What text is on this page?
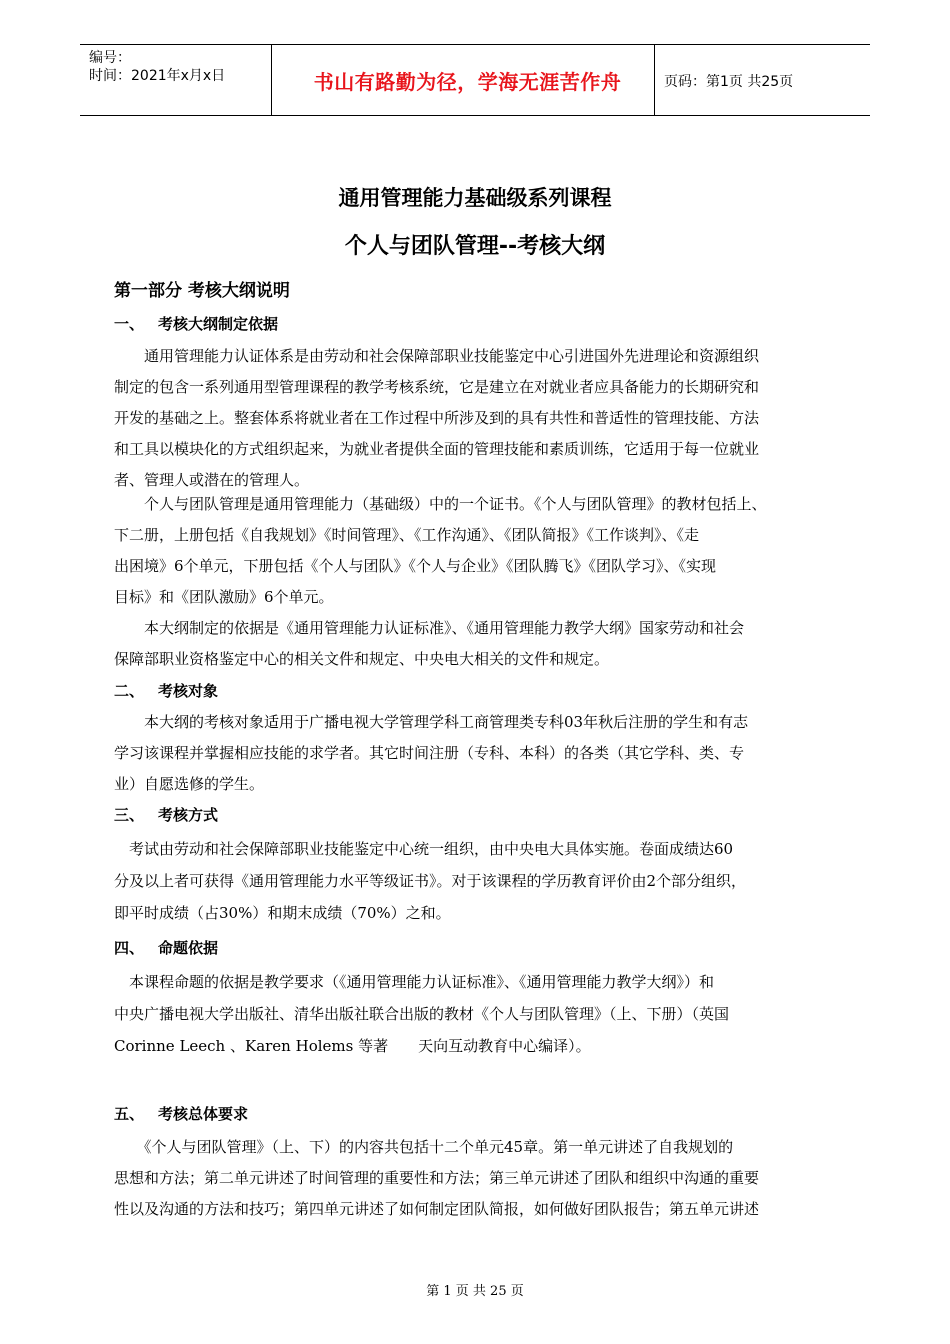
编号：
时间：2021年x月x日	书山有路勤为径，学海无涯苦作舟	页码：第1页 共25页
通用管理能力基础级系列课程
个人与团队管理--考核大纲
第一部分 考核大纲说明
一、 考核大纲制定依据
　　通用管理能力认证体系是由劳动和社会保障部职业技能鉴定中心引进国外先进理论和资源组织
制定的包含一系列通用型管理课程的教学考核系统，它是建立在对就业者应具备能力的长期研究和
开发的基础之上。整套体系将就业者在工作过程中所涉及到的具有共性和普适性的管理技能、方法
和工具以模块化的方式组织起来，为就业者提供全面的管理技能和素质训练，它适用于每一位就业
者、管理人或潜在的管理人。
　　个人与团队管理是通用管理能力（基础级）中的一个证书。《个人与团队管理》的教材包括上、
下二册，上册包括《自我规划》《时间管理》、《工作沟通》、《团队简报》《工作谈判》、《走
出困境》6个单元，下册包括《个人与团队》《个人与企业》《团队腾飞》《团队学习》、《实现
目标》和《团队激励》6个单元。
　　本大纲制定的依据是《通用管理能力认证标准》、《通用管理能力教学大纲》国家劳动和社会
保障部职业资格鉴定中心的相关文件和规定、中央电大相关的文件和规定。
二、 考核对象
　　本大纲的考核对象适用于广播电视大学管理学科工商管理类专科03年秋后注册的学生和有志
学习该课程并掌握相应技能的求学者。其它时间注册（专科、本科）的各类（其它学科、类、专
业）自愿选修的学生。
三、 考核方式
　考试由劳动和社会保障部职业技能鉴定中心统一组织，由中央电大具体实施。卷面成绩达60
分及以上者可获得《通用管理能力水平等级证书》。对于该课程的学历教育评价由2个部分组织，
即平时成绩（占30%）和期末成绩（70%）之和。
四、 命题依据
　本课程命题的依据是教学要求（《通用管理能力认证标准》、《通用管理能力教学大纲》）和
中央广播电视大学出版社、清华出版社联合出版的教材《个人与团队管理》（上、下册）（英国
Corinne Leech 、Karen Holems 等著　　天向互动教育中心编译）。
五、 考核总体要求
　　《个人与团队管理》（上、下）的内容共包括十二个单元45章。第一单元讲述了自我规划的
思想和方法；第二单元讲述了时间管理的重要性和方法；第三单元讲述了团队和组织中沟通的重要
性以及沟通的方法和技巧；第四单元讲述了如何制定团队简报，如何做好团队报告；第五单元讲述
第 1 页 共 25 页
